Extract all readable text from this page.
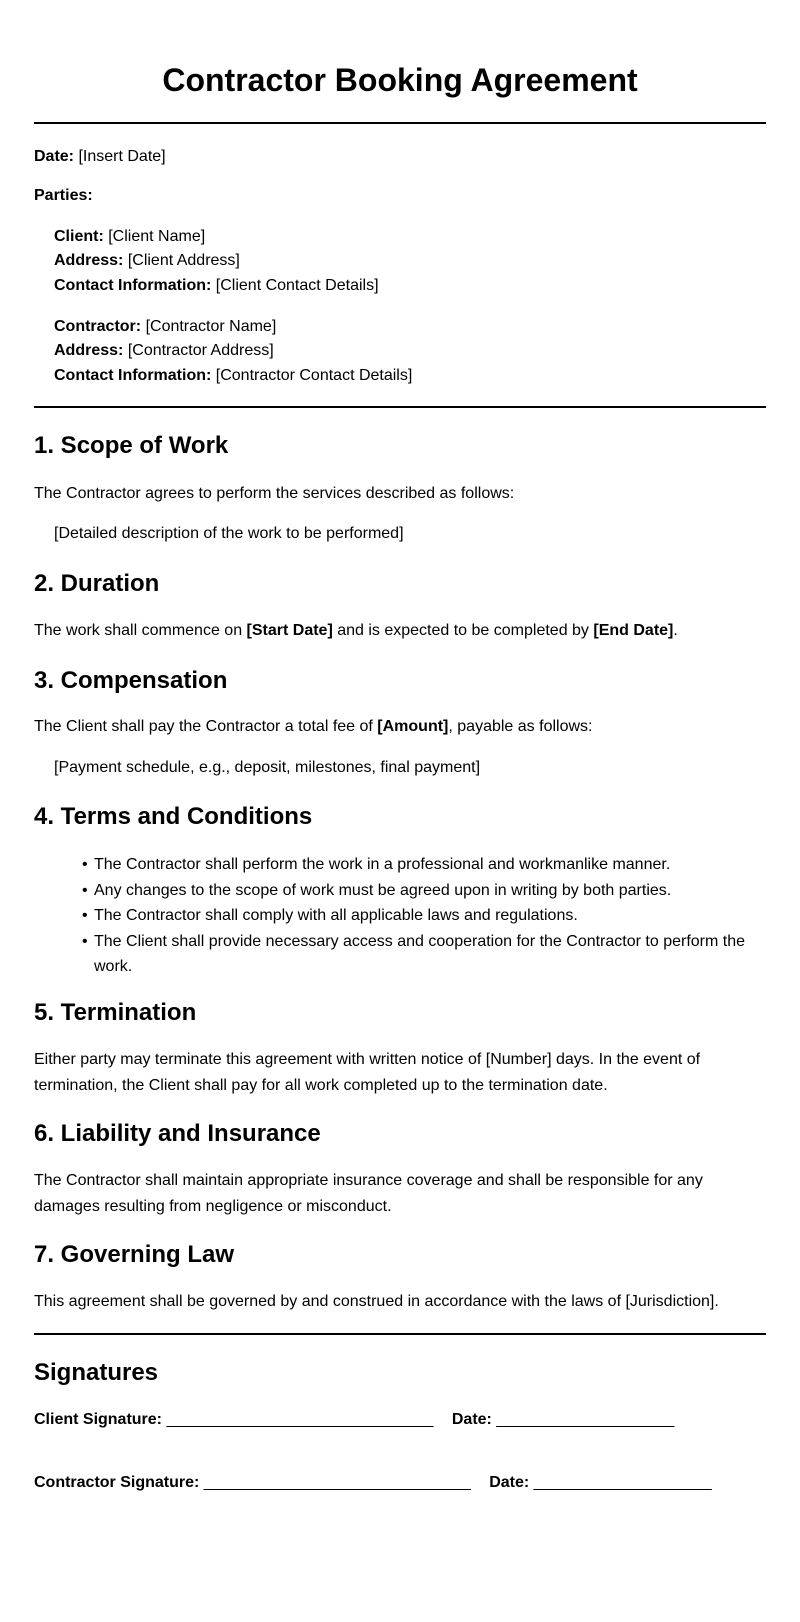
Contractor Booking Agreement
Date: [Insert Date]
Parties:
Client: [Client Name]
Address: [Client Address]
Contact Information: [Client Contact Details]
Contractor: [Contractor Name]
Address: [Contractor Address]
Contact Information: [Contractor Contact Details]
1. Scope of Work
The Contractor agrees to perform the services described as follows:
[Detailed description of the work to be performed]
2. Duration
The work shall commence on [Start Date] and is expected to be completed by [End Date].
3. Compensation
The Client shall pay the Contractor a total fee of [Amount], payable as follows:
[Payment schedule, e.g., deposit, milestones, final payment]
4. Terms and Conditions
• The Contractor shall perform the work in a professional and workmanlike manner.
• Any changes to the scope of work must be agreed upon in writing by both parties.
• The Contractor shall comply with all applicable laws and regulations.
• The Client shall provide necessary access and cooperation for the Contractor to perform the work.
5. Termination
Either party may terminate this agreement with written notice of [Number] days. In the event of termination, the Client shall pay for all work completed up to the termination date.
6. Liability and Insurance
The Contractor shall maintain appropriate insurance coverage and shall be responsible for any damages resulting from negligence or misconduct.
7. Governing Law
This agreement shall be governed by and construed in accordance with the laws of [Jurisdiction].
Signatures
Client Signature: ______________________________ Date: ____________________
Contractor Signature: ______________________________ Date: ____________________
